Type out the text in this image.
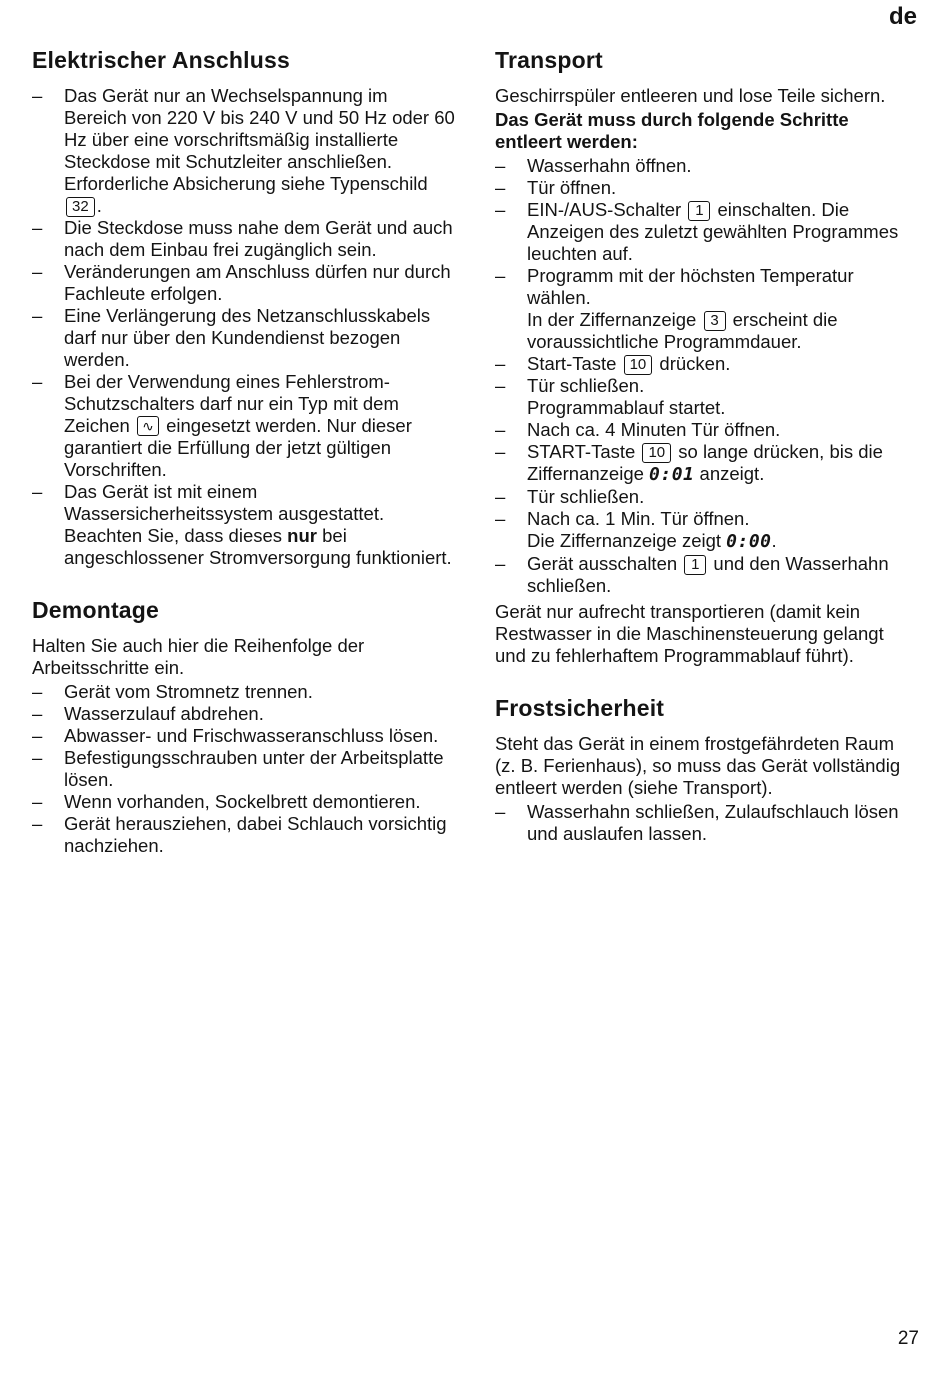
de
Elektrischer Anschluss
–	Das Gerät nur an Wechselspannung im Bereich von 220 V bis 240 V und 50 Hz oder 60 Hz über eine vorschriftsmäßig installierte Steckdose mit Schutzleiter anschließen. Erforderliche Absicherung siehe Typenschild 32 .
–	Die Steckdose muss nahe dem Gerät und auch nach dem Einbau frei zugänglich sein.
–	Veränderungen am Anschluss dürfen nur durch Fachleute erfolgen.
–	Eine Verlängerung des Netzanschlusskabels darf nur über den Kundendienst bezogen werden.
–	Bei der Verwendung eines Fehlerstrom-Schutzschalters darf nur ein Typ mit dem Zeichen ∿ eingesetzt werden. Nur dieser garantiert die Erfüllung der jetzt gültigen Vorschriften.
–	Das Gerät ist mit einem Wassersicherheitssystem ausgestattet. Beachten Sie, dass dieses nur bei angeschlossener Stromversorgung funktioniert.
Demontage

Halten Sie auch hier die Reihenfolge der Arbeitsschritte ein.

–	Gerät vom Stromnetz trennen.
–	Wasserzulauf abdrehen.
–	Abwasser- und Frischwasseranschluss lösen.
–	Befestigungsschrauben unter der Arbeitsplatte lösen.
–	Wenn vorhanden, Sockelbrett demontieren.
–	Gerät herausziehen, dabei Schlauch vorsichtig nachziehen.
Transport

Geschirrspüler entleeren und lose Teile sichern.

Das Gerät muss durch folgende Schritte entleert werden:

–	Wasserhahn öffnen.
–	Tür öffnen.
–	EIN-/AUS-Schalter 1 einschalten. Die Anzeigen des zuletzt gewählten Programmes leuchten auf.
–	Programm mit der höchsten Temperatur wählen.
In der Ziffernanzeige 3 erscheint die voraussichtliche Programmdauer.
–	Start-Taste 10 drücken.
–	Tür schließen.
Programmablauf startet.
–	Nach ca. 4 Minuten Tür öffnen.
–	START-Taste 10 so lange drücken, bis die Ziffernanzeige 0:01 anzeigt.
–	Tür schließen.
–	Nach ca. 1 Min. Tür öffnen.
Die Ziffernanzeige zeigt 0:00.
–	Gerät ausschalten 1 und den Wasserhahn schließen.

Gerät nur aufrecht transportieren (damit kein Restwasser in die Maschinensteuerung gelangt und zu fehlerhaftem Programmablauf führt).

Frostsicherheit

Steht das Gerät in einem frostgefährdeten Raum (z. B. Ferienhaus), so muss das Gerät vollständig entleert werden (siehe Transport).

–	Wasserhahn schließen, Zulaufschlauch lösen und auslaufen lassen.
27
